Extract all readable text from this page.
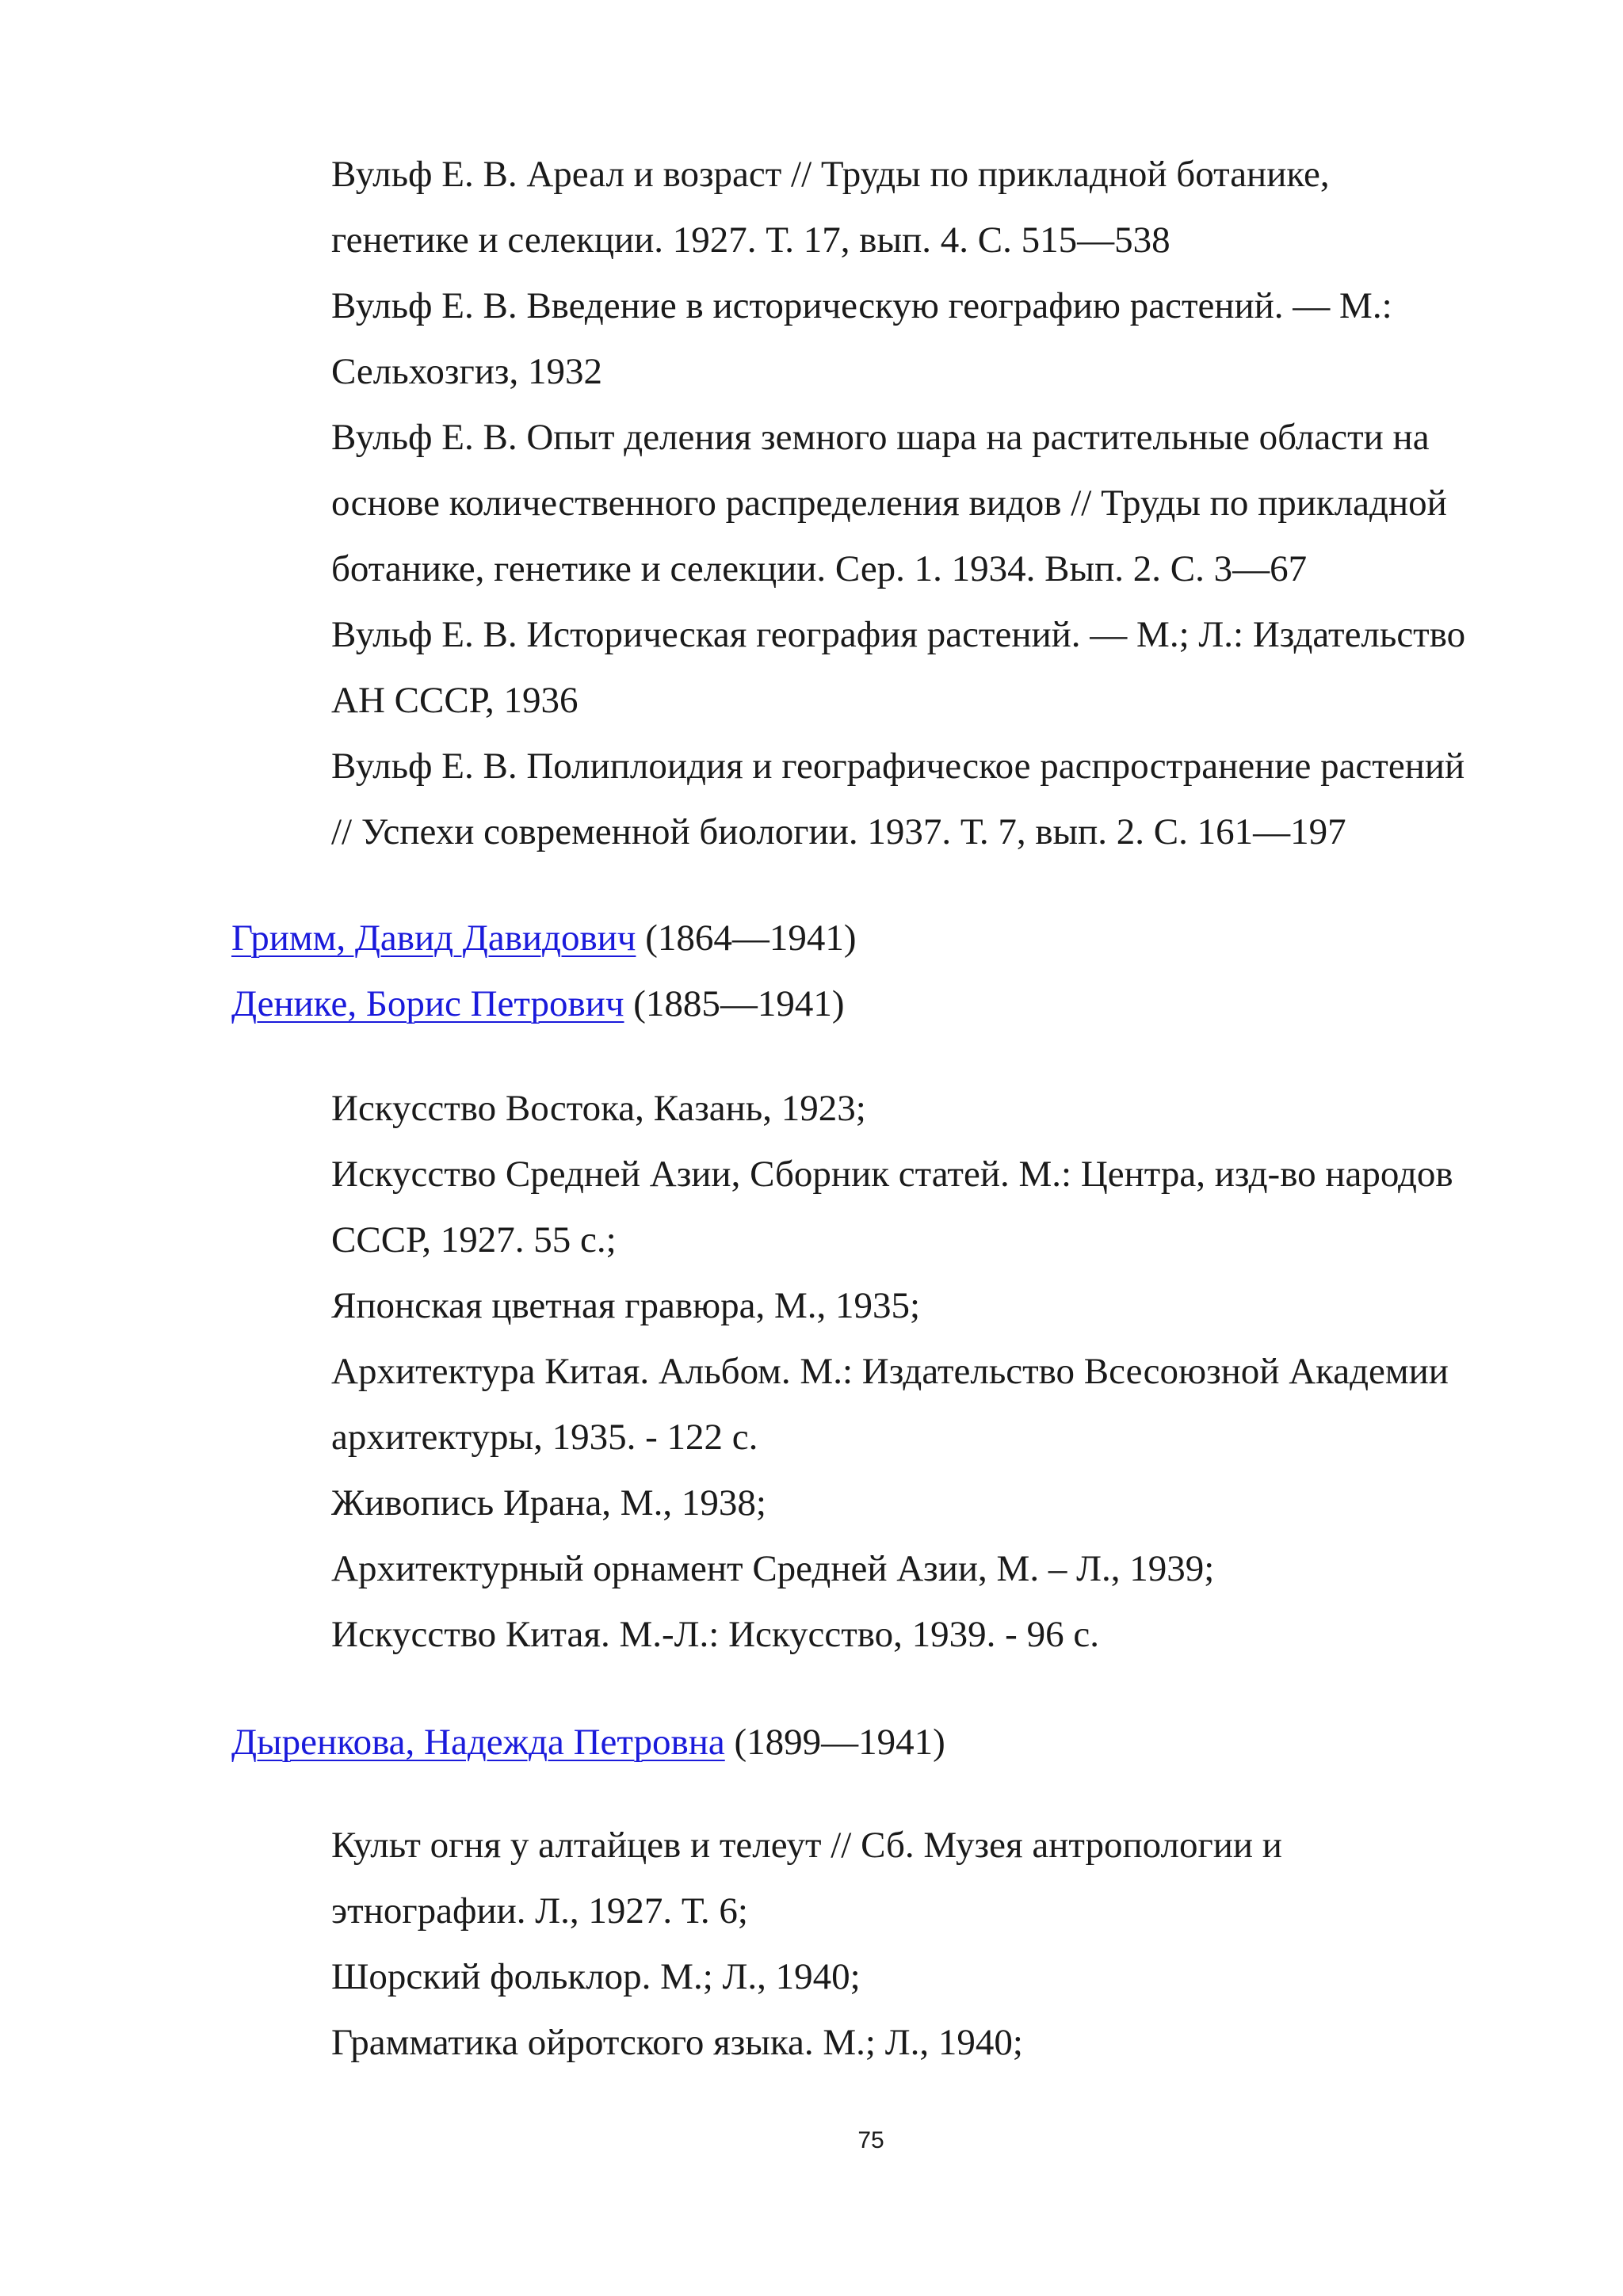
Вульф Е. В. Ареал и возраст // Труды по прикладной ботанике,
генетике и селекции. 1927. Т. 17, вып. 4. С. 515—538
Вульф Е. В. Введение в историческую географию растений. — М.:
Сельхозгиз, 1932
Вульф Е. В. Опыт деления земного шара на растительные области на
основе количественного распределения видов // Труды по прикладной
ботанике, генетике и селекции. Сер. 1. 1934. Вып. 2. С. 3—67
Вульф Е. В. Историческая география растений. — М.; Л.: Издательство
АН СССР, 1936
Вульф Е. В. Полиплоидия и географическое распространение растений
// Успехи современной биологии. 1937. Т. 7, вып. 2. С. 161—197
Гримм, Давид Давидович (1864—1941)
Денике, Борис Петрович (1885—1941)
Искусство Востока, Казань, 1923;
Искусство Средней Азии, Сборник статей. М.: Центра, изд-во народов
СССР, 1927. 55 с.;
Японская цветная гравюра, М., 1935;
Архитектура Китая. Альбом. М.: Издательство Всесоюзной Академии
архитектуры, 1935. - 122 с.
Живопись Ирана, М., 1938;
Архитектурный орнамент Средней Азии, М. – Л., 1939;
Искусство Китая. М.-Л.: Искусство, 1939. - 96 с.
Дыренкова, Надежда Петровна (1899—1941)
Культ огня у алтайцев и телеут // Сб. Музея антропологии и
этнографии. Л., 1927. Т. 6;
Шорский фольклор. М.; Л., 1940;
Грамматика ойротского языка. М.; Л., 1940;
75
